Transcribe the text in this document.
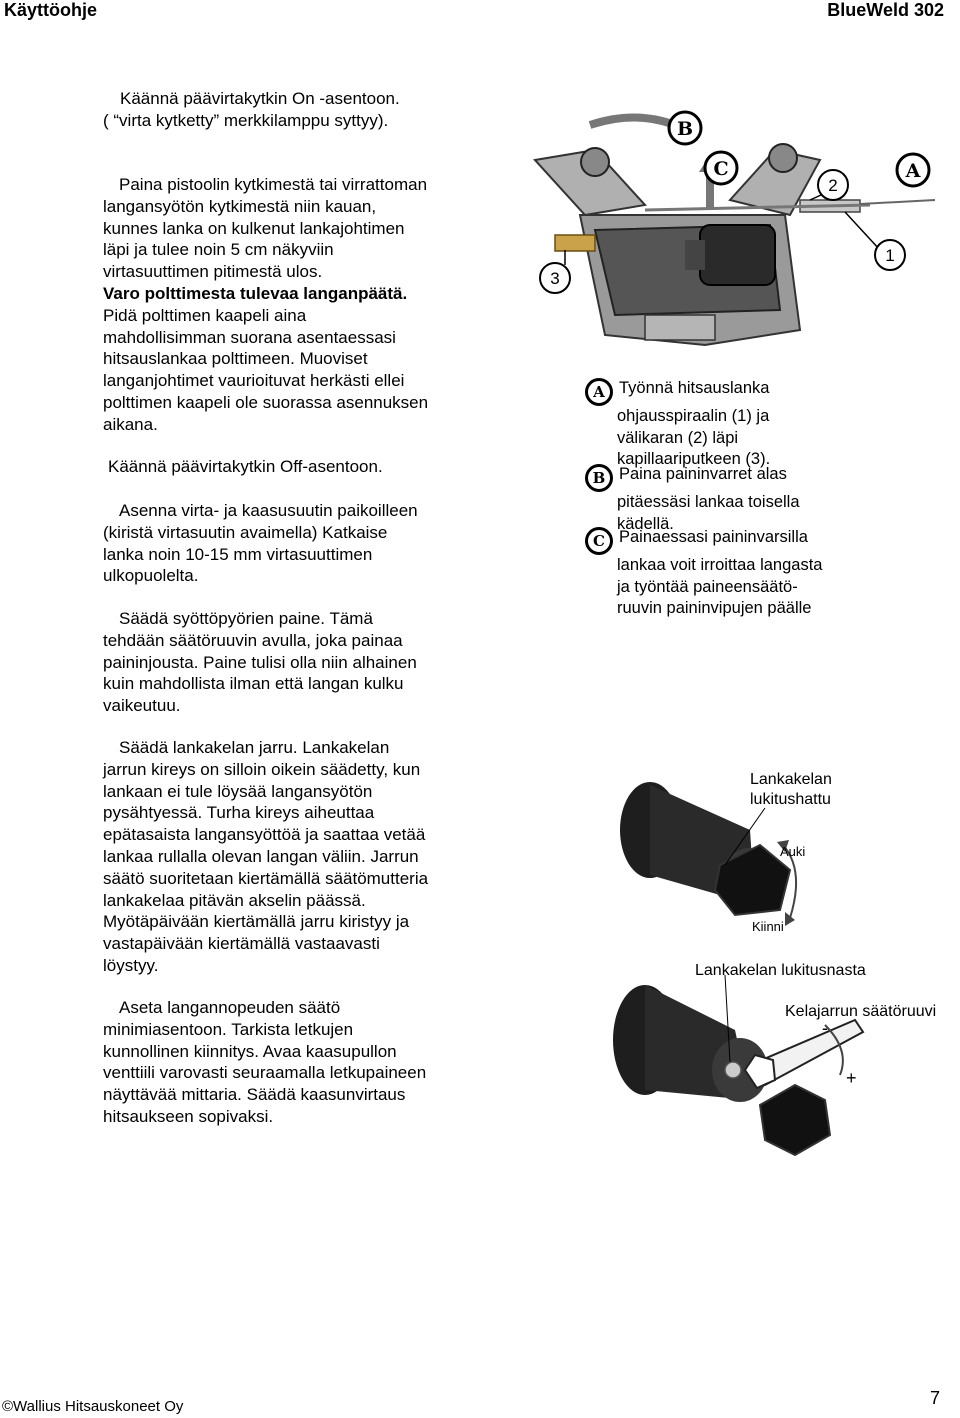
Käyttöohje	BlueWeld 302

Käännä päävirtakytkin On -asentoon.

( “virta kytketty” merkkilamppu syttyy).

Paina pistoolin kytkimestä tai virrattoman

langansyötön kytkimestä niin kauan,

kunnes lanka on kulkenut lankajohtimen

läpi ja tulee noin 5 cm näkyviin

virtasuuttimen pitimestä ulos.

Varo polttimesta tulevaa langanpäätä.

Pidä polttimen kaapeli aina

mahdollisimman suorana asentaessasi

hitsauslankaa polttimeen. Muoviset

langanjohtimet vaurioituvat herkästi ellei

polttimen kaapeli ole suorassa asennuksen

aikana.

Käännä päävirtakytkin Off-asentoon.

Asenna virta- ja kaasusuutin paikoilleen

(kiristä virtasuutin avaimella) Katkaise

lanka noin 10-15 mm virtasuuttimen

ulkopuolelta.

Säädä syöttöpyörien paine. Tämä

tehdään säätöruuvin avulla, joka painaa

paininjousta. Paine tulisi olla niin alhainen

kuin mahdollista ilman että langan kulku

vaikeutuu.

Säädä lankakelan jarru. Lankakelan

jarrun kireys on silloin oikein säädetty, kun

lankaan ei tule löysää langansyötön

pysähtyessä. Turha kireys aiheuttaa

epätasaista langansyöttöä ja saattaa vetää

lankaa rullalla olevan langan väliin. Jarrun

säätö suoritetaan kiertämällä säätömutteria

lankakelaa pitävän akselin päässä.

Myötäpäivään kiertämällä jarru kiristyy ja

vastapäivään kiertämällä vastaavasti

löystyy.

Aseta langannopeuden säätö

minimiasentoon. Tarkista letkujen

kunnollinen kiinnitys. Avaa kaasupullon

venttiili varovasti seuraamalla letkupaineen

näyttävää mittaria. Säädä kaasunvirtaus

hitsaukseen sopivaksi.

2
1
3
B
C	A
A Työnnä hitsauslanka
ohjausspiraalin (1) ja
välikaran (2) läpi
kapillaariputkeen (3).
B Paina paininvarret alas
pitäessäsi lankaa toisella
kädellä.
C Painaessasi paininvarsilla
lankaa voit irroittaa langasta
ja työntää paineensäätö-
ruuvin paininvipujen päälle
Lankakelan
lukitushattu
Auki
Kiinni
Lankakelan lukitusnasta
Kelajarrun säätöruuvi
-
+
©Wallius Hitsauskoneet Oy	7
